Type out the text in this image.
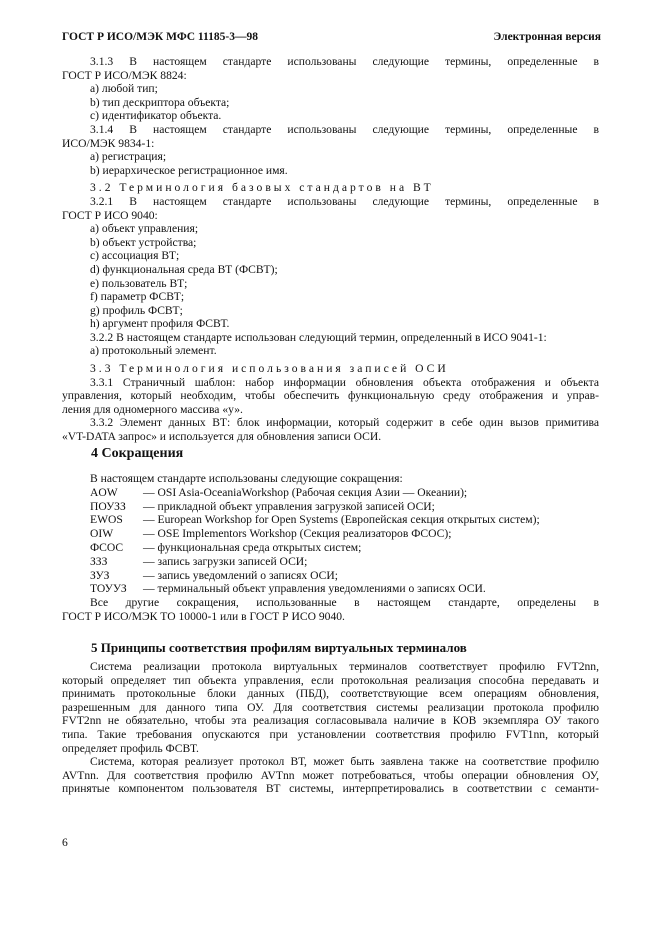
ГОСТ Р ИСО/МЭК МФС 11185-3—98	Электронная версия

3.1.3 В настоящем стандарте использованы следующие термины, определенные в

ГОСТ Р ИСО/МЭК 8824:

a) любой тип;

b) тип дескриптора объекта;

c) идентификатор объекта.

3.1.4 В настоящем стандарте использованы следующие термины, определенные в

ИСО/МЭК 9834-1:

a) регистрация;

b) иерархическое регистрационное имя.

3.2 Терминология базовых стандартов на ВТ

3.2.1 В настоящем стандарте использованы следующие термины, определенные в

ГОСТ Р ИСО 9040:

a) объект управления;

b) объект устройства;

c) ассоциация ВТ;

d) функциональная среда ВТ (ФСВТ);

e) пользователь ВТ;

f) параметр ФСВТ;

g) профиль ФСВТ;

h) аргумент профиля ФСВТ.

3.2.2 В настоящем стандарте использован следующий термин, определенный в ИСО 9041-1:

a) протокольный элемент.

3.3 Терминология использования записей ОСИ

3.3.1 Страничный шаблон: набор информации обновления объекта отображения и объекта

управления, который необходим, чтобы обеспечить функциональную среду отображения и управ-

ления для одномерного массива «у».

3.3.2 Элемент данных ВТ: блок информации, который содержит в себе один вызов примитива

«VT-DATA запрос» и используется для обновления записи ОСИ.

4 Сокращения

В настоящем стандарте использованы следующие сокращения:

AOW	— OSI Asia-OceaniaWorkshop (Рабочая секция Азии — Океании);
ПОУЗЗ	— прикладной объект управления загрузкой записей ОСИ;
EWOS	— European Workshop for Open Systems (Европейская секция открытых систем);
OIW	— OSE Implementors Workshop (Секция реализаторов ФСОС);
ФСОС	— функциональная среда открытых систем;
ЗЗЗ	— запись загрузки записей ОСИ;
ЗУЗ	— запись уведомлений о записях ОСИ;
ТОУУЗ	— терминальный объект управления уведомлениями о записях ОСИ.

Все другие сокращения, использованные в настоящем стандарте, определены в

ГОСТ Р ИСО/МЭК ТО 10000-1 или в ГОСТ Р ИСО 9040.

5 Принципы соответствия профилям виртуальных терминалов

Система реализации протокола виртуальных терминалов соответствует профилю FVT2nn,

который определяет тип объекта управления, если протокольная реализация способна передавать и

принимать протокольные блоки данных (ПБД), соответствующие всем операциям обновления,

разрешенным для данного типа ОУ. Для соответствия системы реализации протокола профилю

FVT2nn не обязательно, чтобы эта реализация согласовывала наличие в КОВ экземпляра ОУ такого

типа. Такие требования опускаются при установлении соответствия профилю FVT1nn, который

определяет профиль ФСВТ.

Система, которая реализует протокол ВТ, может быть заявлена также на соответствие профилю

AVTnn. Для соответствия профилю AVTnn может потребоваться, чтобы операции обновления ОУ,

принятые компонентом пользователя ВТ системы, интерпретировались в соответствии с семанти-

6
